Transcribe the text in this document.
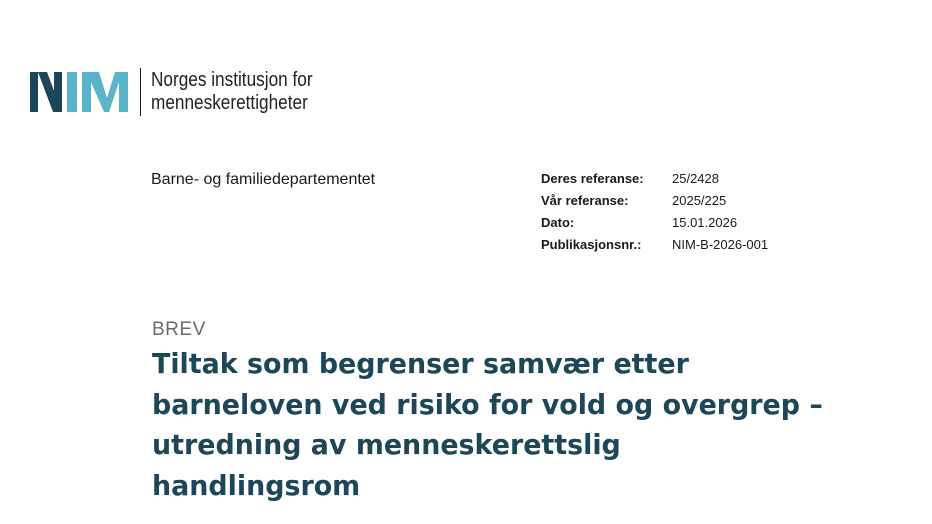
Norges institusjon for
menneskerettigheter
Barne- og familiedepartementet	Deres referanse:	25/2428
Vår referanse:	2025/225
Dato:	15.01.2026
Publikasjonsnr.:	NIM-B-2026-001
BREV
Tiltak som begrenser samvær etter
barneloven ved risiko for vold og overgrep –
utredning av menneskerettslig
handlingsrom
